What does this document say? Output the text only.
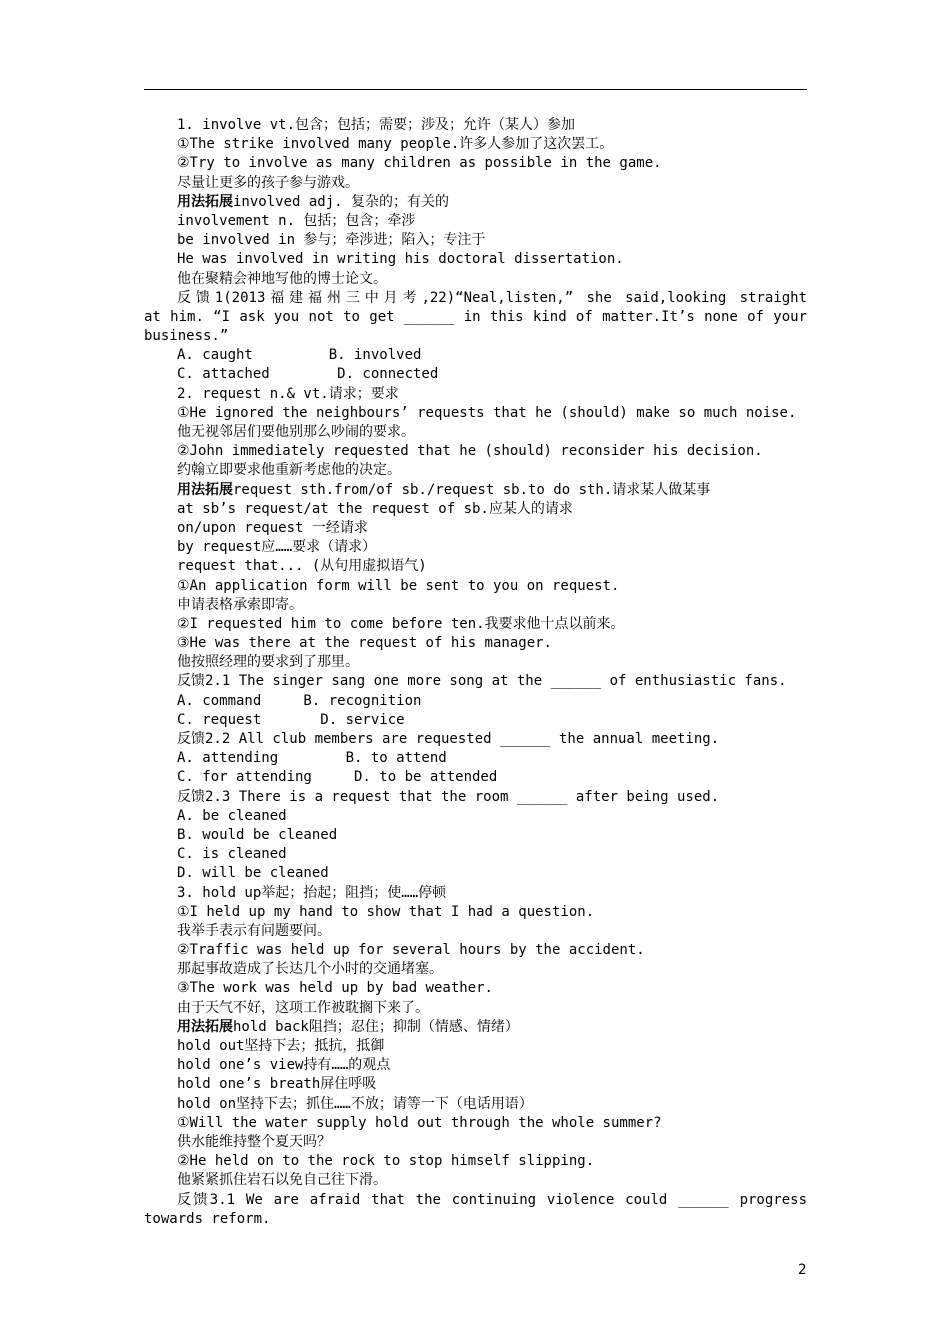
1. involve vt.包含；包括；需要；涉及；允许（某人）参加
①The strike involved many people.许多人参加了这次罢工。
②Try to involve as many children as possible in the game.
尽量让更多的孩子参与游戏。
用法拓展involved adj. 复杂的；有关的
involvement n. 包括；包含；牵涉
be involved in 参与；牵涉进；陷入；专注于
He was involved in writing his doctoral dissertation.
他在聚精会神地写他的博士论文。
反馈1(2013福建福州三中月考,22)“Neal,listen,” she said,looking straight
at him. “I ask you not to get ______ in this kind of matter.It’s none of your
business.”
A. caught         B. involved
C. attached        D. connected
2. request n.& vt.请求；要求
①He ignored the neighbours’ requests that he (should) make so much noise.
他无视邻居们要他别那么吵闹的要求。
②John immediately requested that he (should) reconsider his decision.
约翰立即要求他重新考虑他的决定。
用法拓展request sth.from/of sb./request sb.to do sth.请求某人做某事
at sb’s request/at the request of sb.应某人的请求
on/upon request 一经请求
by request应……要求（请求）
request that... (从句用虚拟语气)
①An application form will be sent to you on request.
申请表格承索即寄。
②I requested him to come before ten.我要求他十点以前来。
③He was there at the request of his manager.
他按照经理的要求到了那里。
反馈2.1 The singer sang one more song at the ______ of enthusiastic fans.
A. command     B. recognition
C. request       D. service
反馈2.2 All club members are requested ______ the annual meeting.
A. attending        B. to attend
C. for attending     D. to be attended
反馈2.3 There is a request that the room ______ after being used.
A. be cleaned
B. would be cleaned
C. is cleaned
D. will be cleaned
3. hold up举起；抬起；阻挡；使……停顿
①I held up my hand to show that I had a question.
我举手表示有问题要问。
②Traffic was held up for several hours by the accident.
那起事故造成了长达几个小时的交通堵塞。
③The work was held up by bad weather.
由于天气不好，这项工作被耽搁下来了。
用法拓展hold back阻挡；忍住；抑制（情感、情绪）
hold out坚持下去；抵抗，抵御
hold one’s view持有……的观点
hold one’s breath屏住呼吸
hold on坚持下去；抓住……不放；请等一下（电话用语）
①Will the water supply hold out through the whole summer?
供水能维持整个夏天吗？
②He held on to the rock to stop himself slipping.
他紧紧抓住岩石以免自己往下滑。
反馈3.1 We are afraid that the continuing violence could ______ progress
towards reform.
2
